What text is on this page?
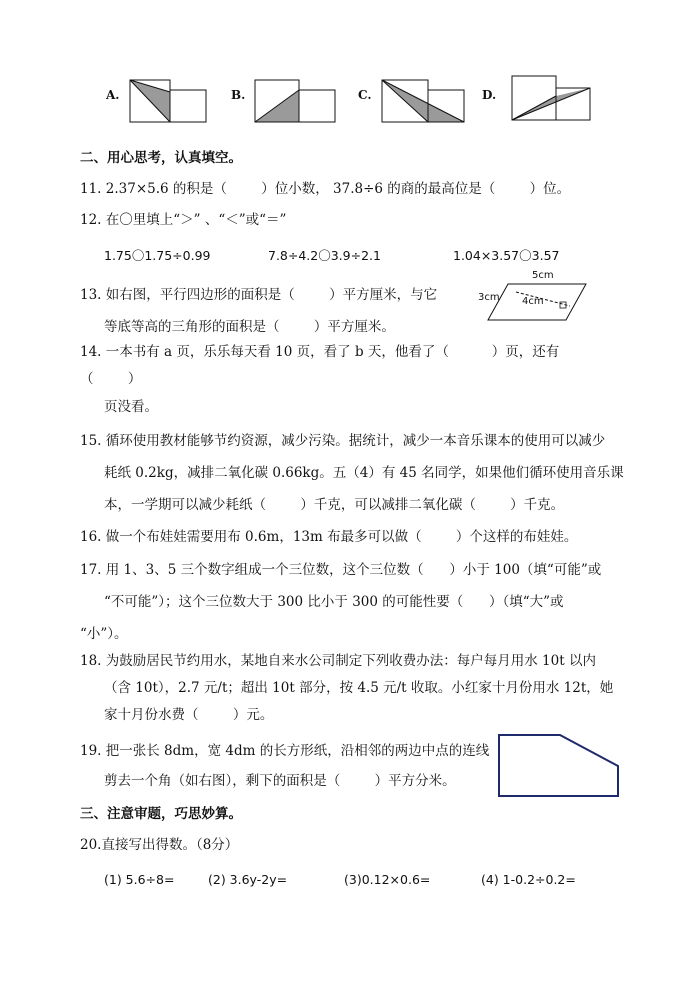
A.	B.	C.	D.
二、用心思考，认真填空。
11. 2.37×5.6 的积是（        ）位小数， 37.8÷6 的商的最高位是（        ）位。
12. 在〇里填上“＞” 、“＜”或“＝”
1.75〇1.75÷0.99	7.8÷4.2〇3.9÷2.1	1.04×3.57〇3.57
13. 如右图，平行四边形的面积是（        ）平方厘米，与它
等底等高的三角形的面积是（        ）平方厘米。
5cm
3cm 4cm
14. 一本书有 a 页，乐乐每天看 10 页，看了 b 天，他看了（          ）页，还有
（        ）
页没看。
15. 循环使用教材能够节约资源，减少污染。据统计，减少一本音乐课本的使用可以减少
耗纸 0.2kg，减排二氧化碳 0.66kg。五（4）有 45 名同学，如果他们循环使用音乐课
本，一学期可以减少耗纸（        ）千克，可以减排二氧化碳（        ）千克。
16. 做一个布娃娃需要用布 0.6m，13m 布最多可以做（        ）个这样的布娃娃。
17. 用 1、3、5 三个数字组成一个三位数，这个三位数（      ）小于 100（填“可能”或
“不可能”）；这个三位数大于 300 比小于 300 的可能性要（      ）（填“大”或
“小”）。
18. 为鼓励居民节约用水，某地自来水公司制定下列收费办法：每户每月用水 10t 以内
（含 10t），2.7 元/t；超出 10t 部分，按 4.5 元/t 收取。小红家十月份用水 12t，她
家十月份水费（        ）元。
19. 把一张长 8dm，宽 4dm 的长方形纸，沿相邻的两边中点的连线
剪去一个角（如右图），剩下的面积是（        ）平方分米。
三、注意审题，巧思妙算。
20.直接写出得数。（8分）
(1) 5.6÷8=	(2) 3.6y-2y=	(3)0.12×0.6=	(4) 1-0.2÷0.2=
